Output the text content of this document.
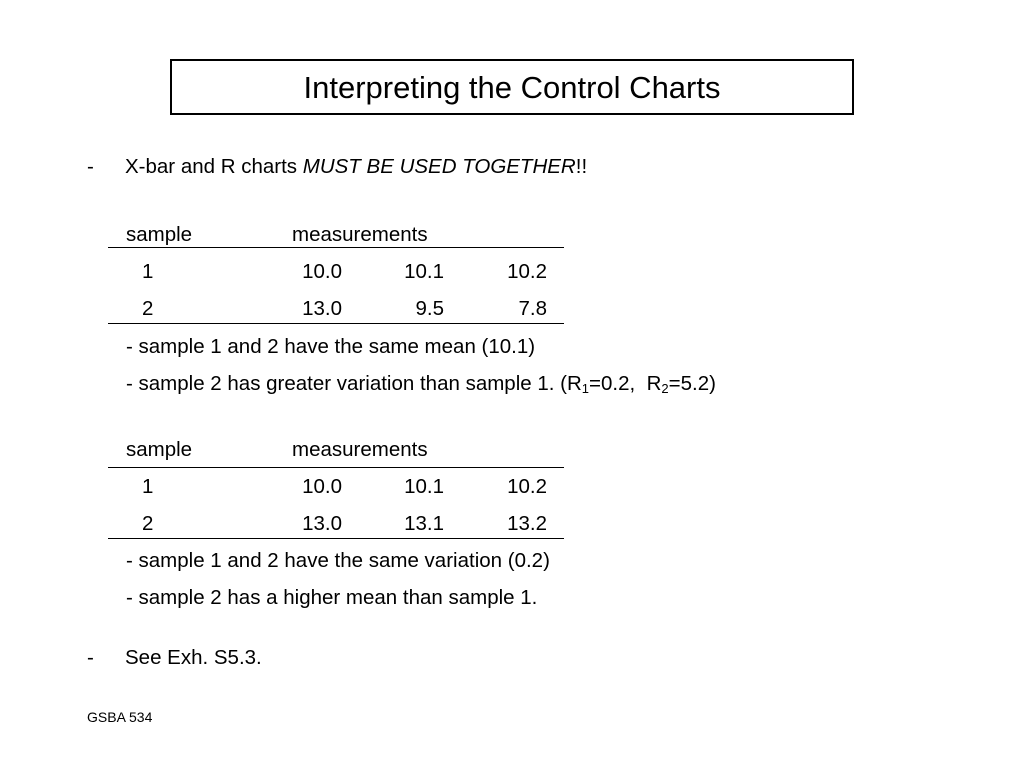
Interpreting the Control Charts
- X-bar and R charts MUST BE USED TOGETHER!!
sample	measurements
1	10.0	10.1	10.2
2	13.0	9.5	7.8
- sample 1 and 2 have the same mean (10.1)
- sample 2 has greater variation than sample 1. ($R_1=0.2$,  $R_2=5.2$)
sample	measurements
1	10.0	10.1	10.2
2	13.0	13.1	13.2
- sample 1 and 2 have the same variation (0.2)
- sample 2 has a higher mean than sample 1.
- See Exh. S5.3.
GSBA 534
